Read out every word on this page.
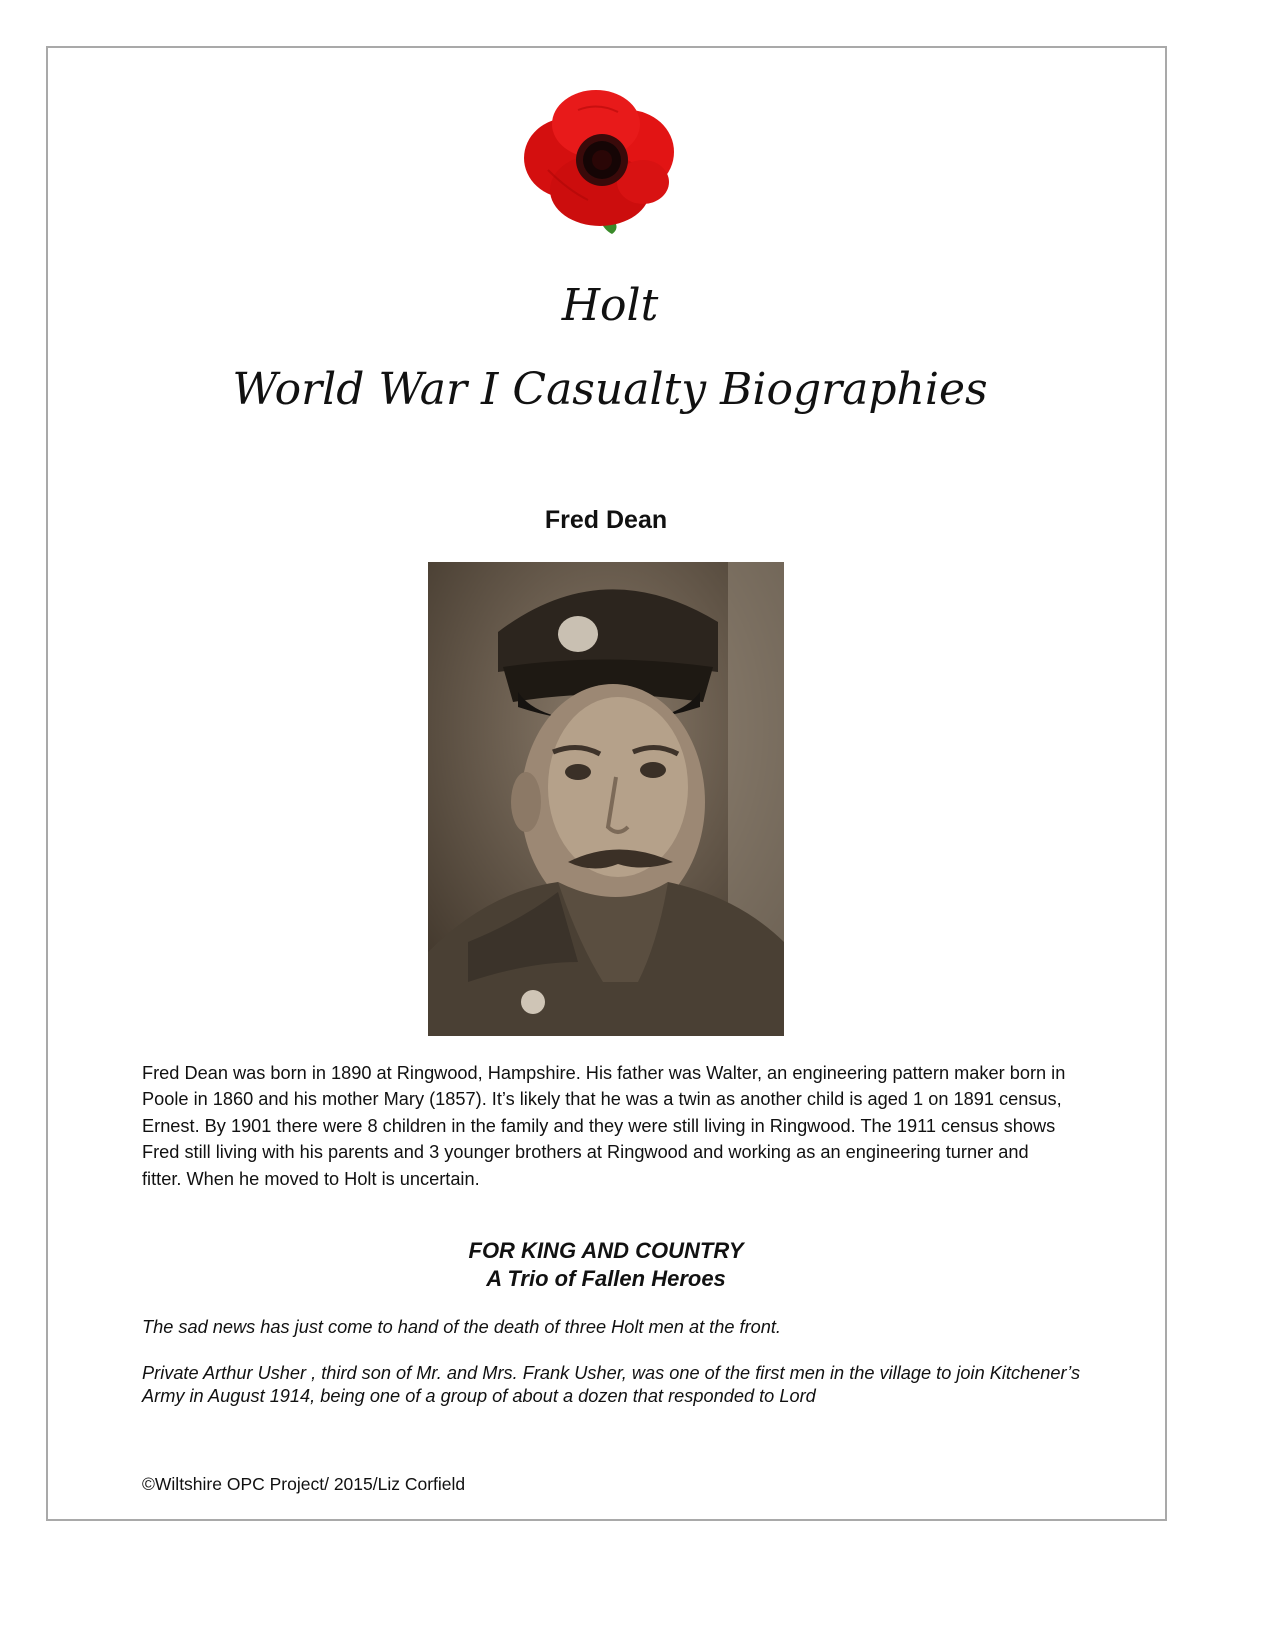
Holt
World War I Casualty Biographies
Fred Dean

Fred Dean was born in 1890 at Ringwood, Hampshire. His father was Walter, an engineering pattern maker born in Poole in 1860 and his mother Mary (1857). It’s likely that he was a twin as another child is aged 1 on 1891 census, Ernest. By 1901 there were 8 children in the family and they were still living in Ringwood. The 1911 census shows Fred still living with his parents and 3 younger brothers at Ringwood and working as an engineering turner and fitter. When he moved to Holt is uncertain.

FOR KING AND COUNTRY
A Trio of Fallen Heroes

The sad news has just come to hand of the death of three Holt men at the front.

Private Arthur Usher , third son of Mr. and Mrs. Frank Usher, was one of the first men in the village to join Kitchener’s Army in August 1914, being one of a group of about a dozen that responded to Lord

©Wiltshire OPC Project/ 2015/Liz Corfield
